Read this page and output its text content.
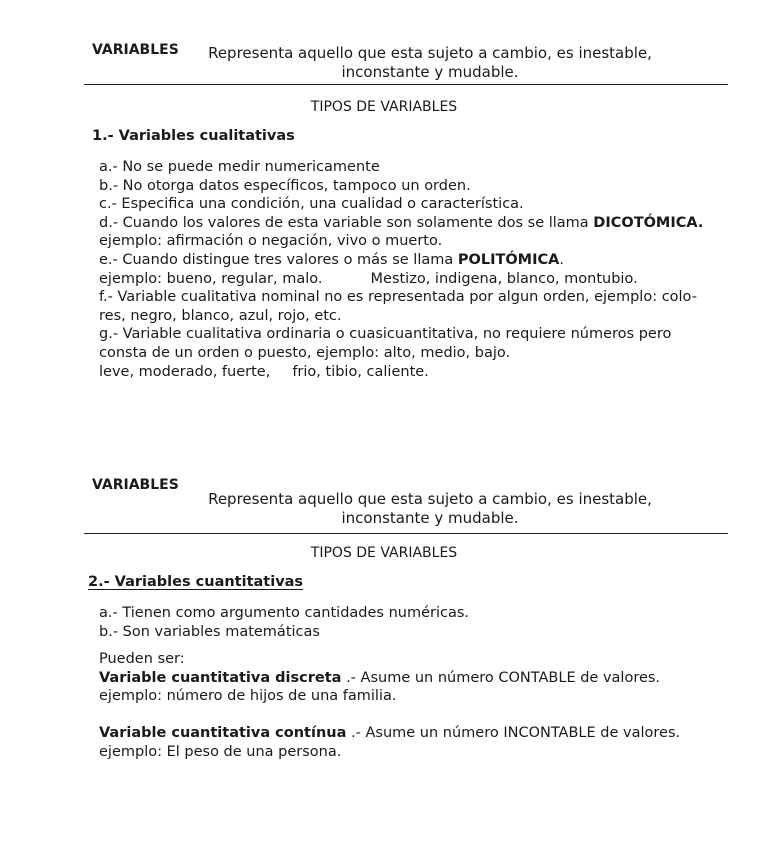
VARIABLES	Representa aquello que esta sujeto a cambio, es inestable,
inconstante y mudable.
TIPOS DE VARIABLES
1.- Variables cualitativas
a.- No se puede medir numericamente
b.- No otorga datos específicos, tampoco un orden.
c.- Especifica una condición, una cualidad o característica.
d.- Cuando los valores de esta variable son solamente dos se llama DICOTÓMICA.
ejemplo: afirmación o negación, vivo o muerto.
e.- Cuando distingue tres valores o más se llama POLITÓMICA.
ejemplo: bueno, regular, malo.	Mestizo, indigena, blanco, montubio.
f.- Variable cualitativa nominal no es representada por algun orden, ejemplo: colo-
res, negro, blanco, azul, rojo, etc.
g.- Variable cualitativa ordinaria o cuasicuantitativa, no requiere números pero
consta de un orden o puesto, ejemplo: alto, medio, bajo.
leve, moderado, fuerte, frio, tibio, caliente.
VARIABLES
Representa aquello que esta sujeto a cambio, es inestable,
inconstante y mudable.
TIPOS DE VARIABLES
2.- Variables cuantitativas
a.- Tienen como argumento cantidades numéricas.
b.- Son variables matemáticas
Pueden ser:
Variable cuantitativa discreta .- Asume un número CONTABLE de valores.
ejemplo: número de hijos de una familia.
Variable cuantitativa contínua .- Asume un número INCONTABLE de valores.
ejemplo: El peso de una persona.
